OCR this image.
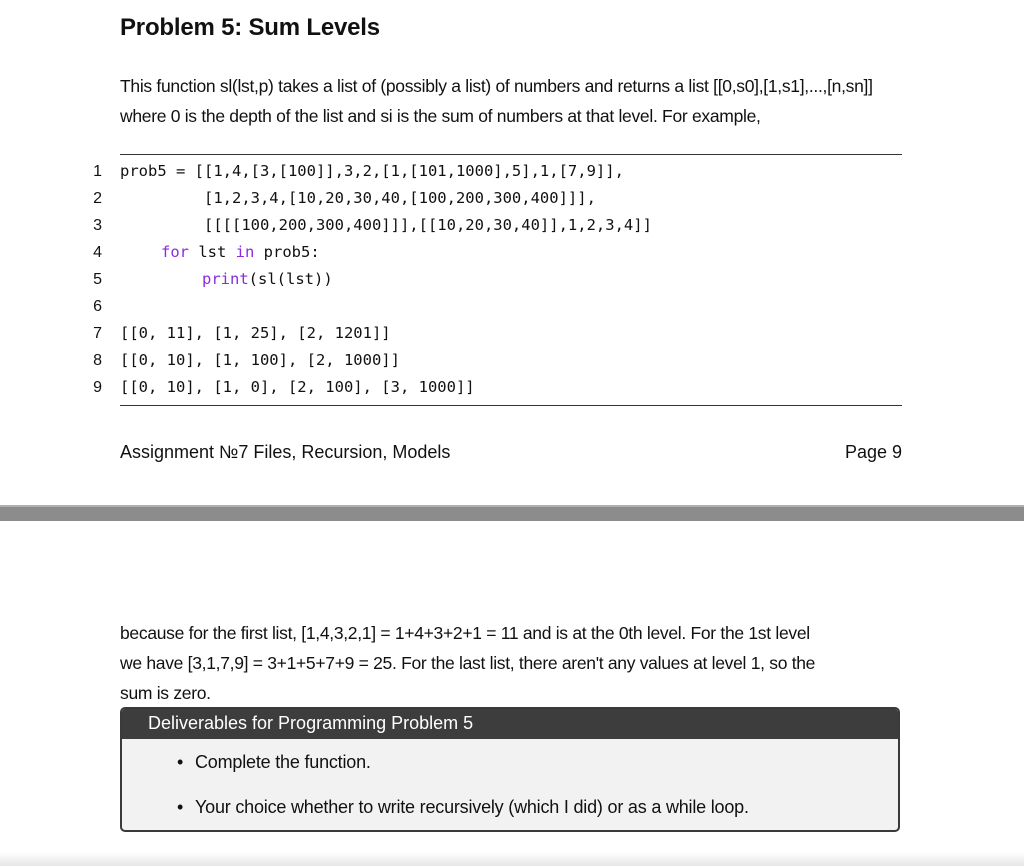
Problem 5: Sum Levels
This function sl(lst,p) takes a list of (possibly a list) of numbers and returns a list [[0,s0],[1,s1],...,[n,sn]]
where 0 is the depth of the list and si is the sum of numbers at that level. For example,
1
2
3
4
5
6
7
8
9
prob5 = [[1,4,[3,[100]],3,2,[1,[101,1000],5],1,[7,9]],
[1,2,3,4,[10,20,30,40,[100,200,300,400]]],
[[[[100,200,300,400]]],[[10,20,30,40]],1,2,3,4]]
for lst in prob5:
print(sl(lst))
[[0, 11], [1, 25], [2, 1201]]
[[0, 10], [1, 100], [2, 1000]]
[[0, 10], [1, 0], [2, 100], [3, 1000]]
Assignment №7 Files, Recursion, Models	Page 9
because for the first list, [1,4,3,2,1] = 1+4+3+2+1 = 11 and is at the 0th level. For the 1st level
we have [3,1,7,9] = 3+1+5+7+9 = 25. For the last list, there aren't any values at level 1, so the
sum is zero.
Deliverables for Programming Problem 5
• Complete the function.
• Your choice whether to write recursively (which I did) or as a while loop.
